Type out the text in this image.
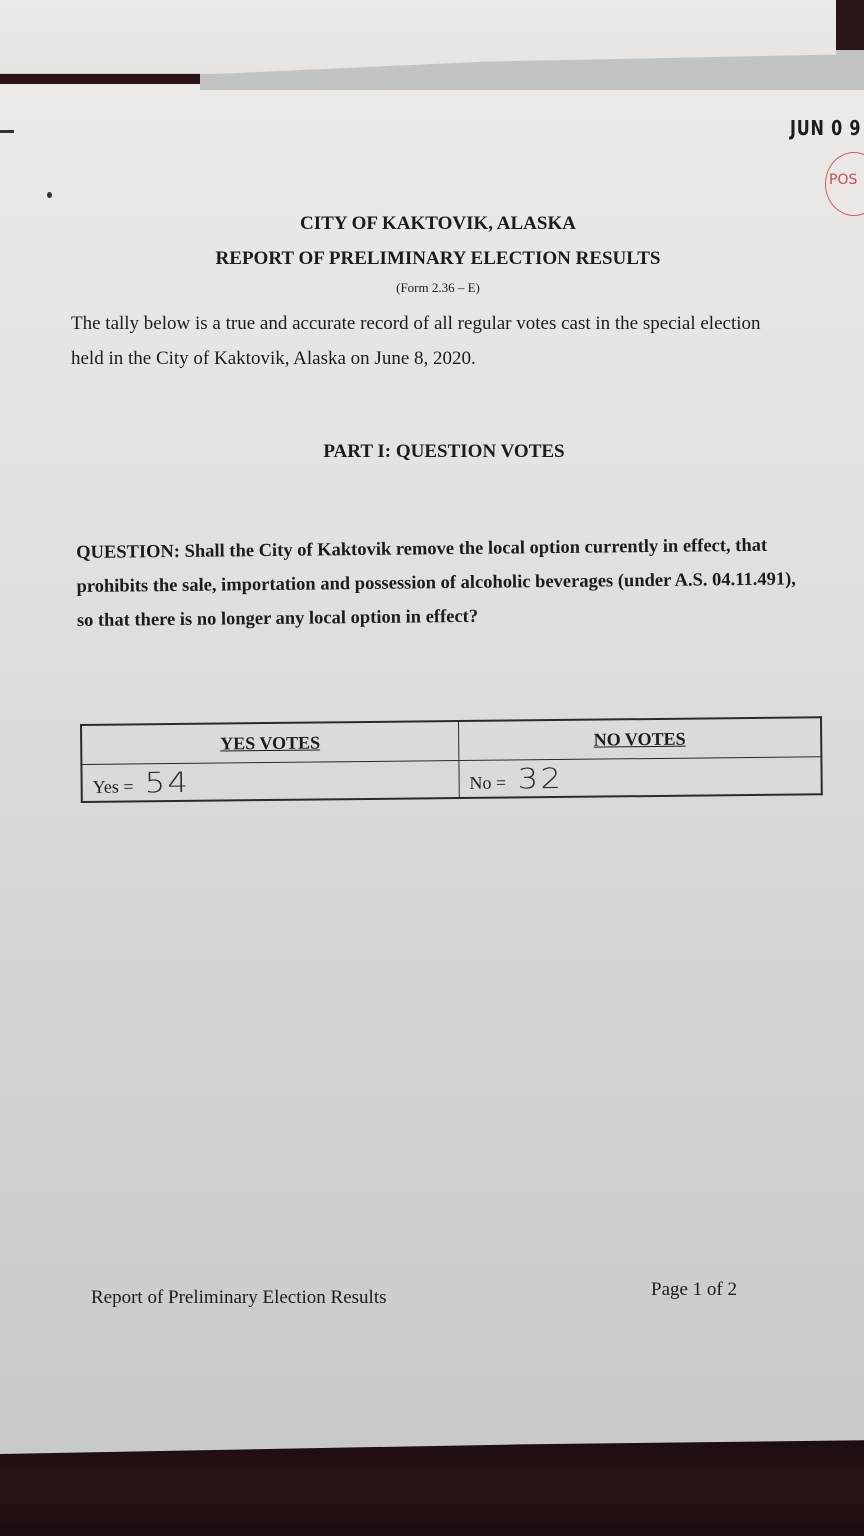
JUN 0 9
POS
CITY OF KAKTOVIK, ALASKA
REPORT OF PRELIMINARY ELECTION RESULTS
(Form 2.36 – E)
The tally below is a true and accurate record of all regular votes cast in the special election held in the City of Kaktovik, Alaska on June 8, 2020.
PART I: QUESTION VOTES
QUESTION: Shall the City of Kaktovik remove the local option currently in effect, that prohibits the sale, importation and possession of alcoholic beverages (under A.S. 04.11.491), so that there is no longer any local option in effect?
YES VOTES	NO VOTES
Yes = 54	No = 32
Report of Preliminary Election Results	Page 1 of 2
